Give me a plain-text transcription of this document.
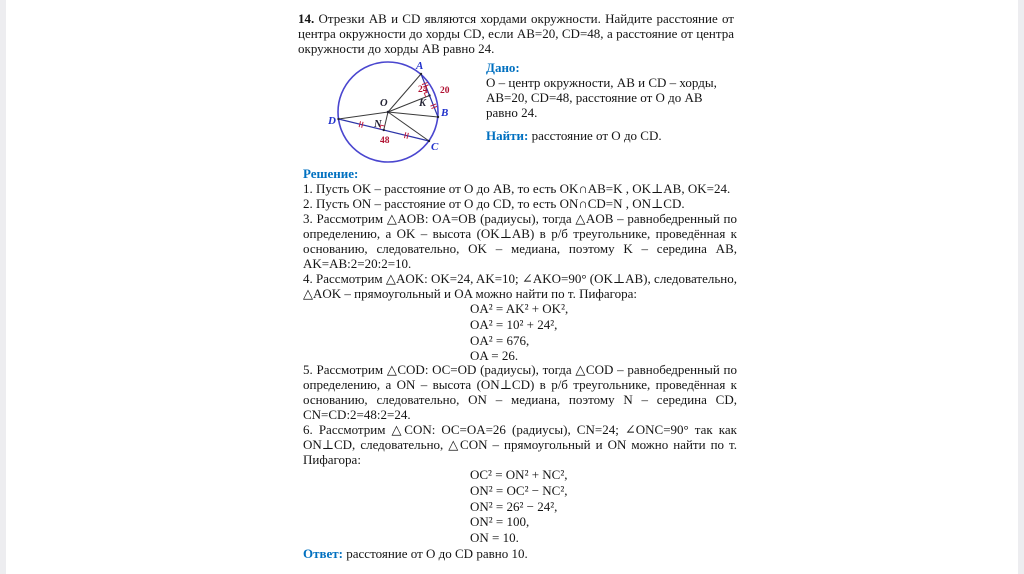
14. Отрезки AB и CD являются хордами окружности. Найдите расстояние от центра окружности до хорды CD, если AB=20, CD=48, а расстояние от центра окружности до хорды AB равно 24.
A
B
C
D
O	K
N
24 20
48
Дано:
O – центр окружности, AB и CD – хорды,
AB=20, CD=48, расстояние от O до AB
равно 24.
Найти: расстояние от O до CD.
Решение:
1. Пусть OK – расстояние от O до AB, то есть OK∩AB=K , OK⊥AB, OK=24.
2. Пусть ON – расстояние от O до CD, то есть ON∩CD=N , ON⊥CD.
3. Рассмотрим △AOB: OA=OB (радиусы), тогда △AOB – равнобедренный по определению, а OK – высота (OK⊥AB) в р/б треугольнике, проведённая к основанию, следовательно, OK – медиана, поэтому K – середина AB, AK=AB:2=20:2=10.
4. Рассмотрим △AOK: OK=24, AK=10; ∠AKO=90° (OK⊥AB), следовательно, △AOK – прямоугольный и OA можно найти по т. Пифагора:
OA² = AK² + OK²,
OA² = 10² + 24²,
OA² = 676,
OA = 26.
5. Рассмотрим △COD: OC=OD (радиусы), тогда △COD – равнобедренный по определению, а ON – высота (ON⊥CD) в р/б треугольнике, проведённая к основанию, следовательно, ON – медиана, поэтому N – середина CD, CN=CD:2=48:2=24.
6. Рассмотрим △CON: OC=OA=26 (радиусы), CN=24; ∠ONC=90° так как ON⊥CD, следовательно, △CON – прямоугольный и ON можно найти по т. Пифагора:
OC² = ON² + NC²,
ON² = OC² − NC²,
ON² = 26² − 24²,
ON² = 100,
ON = 10.
Ответ: расстояние от O до CD равно 10.
